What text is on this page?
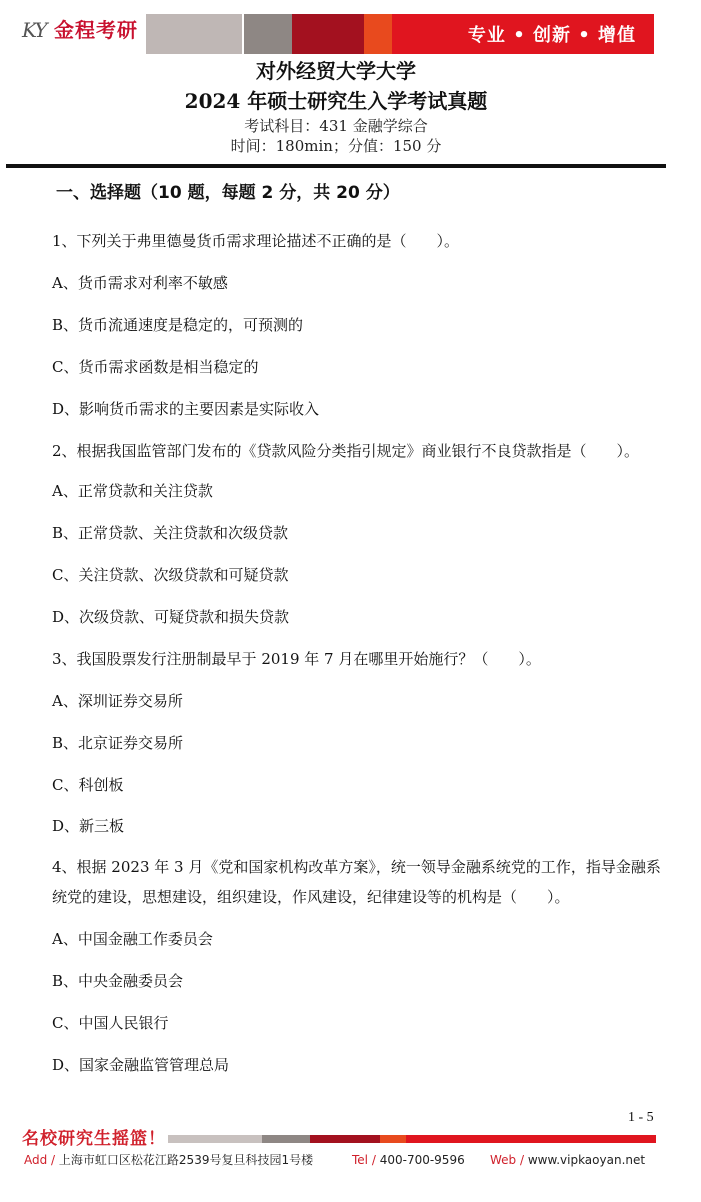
KY 金程考研	专业 • 创新 • 增值
对外经贸大学大学
2024 年硕士研究生入学考试真题
考试科目：431 金融学综合
时间：180min；分值：150 分
一、选择题（10 题，每题 2 分，共 20 分）
1、下列关于弗里德曼货币需求理论描述不正确的是（　　）。
A、货币需求对利率不敏感
B、货币流通速度是稳定的，可预测的
C、货币需求函数是相当稳定的
D、影响货币需求的主要因素是实际收入
2、根据我国监管部门发布的《贷款风险分类指引规定》商业银行不良贷款指是（　　）。
A、正常贷款和关注贷款
B、正常贷款、关注贷款和次级贷款
C、关注贷款、次级贷款和可疑贷款
D、次级贷款、可疑贷款和损失贷款
3、我国股票发行注册制最早于 2019 年 7 月在哪里开始施行？（　　）。
A、深圳证券交易所
B、北京证券交易所
C、科创板
D、新三板
4、根据 2023 年 3 月《党和国家机构改革方案》，统一领导金融系统党的工作，指导金融系统党的建设，思想建设，组织建设，作风建设，纪律建设等的机构是（　　）。
A、中国金融工作委员会
B、中央金融委员会
C、中国人民银行
D、国家金融监管管理总局
1 - 5
名校研究生摇篮！
Add / 上海市虹口区松花江路2539号复旦科技园1号楼	Tel / 400-700-9596 Web / www.vipkaoyan.net
